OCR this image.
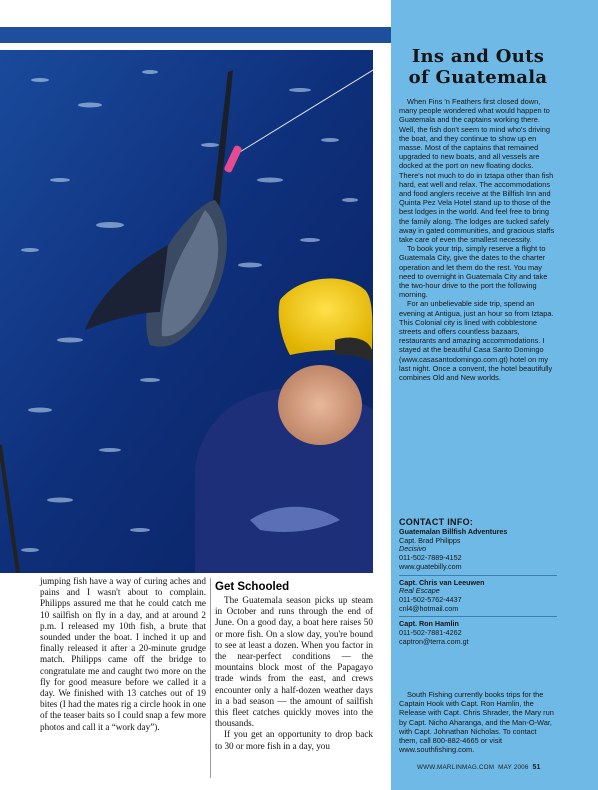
Ins and Outs
of Guatemala

When Fins 'n Feathers first closed down, many people wondered what would happen to Guatemala and the captains working there. Well, the fish don't seem to mind who's driving the boat, and they continue to show up en masse. Most of the captains that remained upgraded to new boats, and all vessels are docked at the port on new floating docks. There's not much to do in Iztapa other than fish hard, eat well and relax. The accommodations and food anglers receive at the Billfish Inn and Quinta Pez Vela Hotel stand up to those of the best lodges in the world. And feel free to bring the family along. The lodges are tucked safely away in gated communities, and gracious staffs take care of even the smallest necessity.

To book your trip, simply reserve a flight to Guatemala City, give the dates to the charter operation and let them do the rest. You may need to overnight in Guatemala City and take the two-hour drive to the port the following morning.

For an unbelievable side trip, spend an evening at Antigua, just an hour so from Iztapa. This Colonial city is lined with cobblestone streets and offers countless bazaars, restaurants and amazing accommodations. I stayed at the beautiful Casa Santo Domingo (www.casasantodomingo.com.gt) hotel on my last night. Once a convent, the hotel beautifully combines Old and New worlds.

CONTACT INFO:
Guatemalan Billfish Adventures
Capt. Brad Philipps
Decisivo
011-502-7889-4152
www.guatebilly.com
Capt. Chris van Leeuwen
Real Escape
011-502-5762-4437
cnl4@hotmail.com
Capt. Ron Hamlin
011-502-7881-4262
captron@terra.com.gt

South Fishing currently books trips for the Captain Hook with Capt. Ron Hamlin, the Release with Capt. Chris Shrader, the Mary run by Capt. Nicho Aharanga, and the Man-O-War, with Capt. Johnathan Nicholas. To contact them, call 800-882-4665 or visit www.southfishing.com.

WWW.MARLINMAG.COM MAY 2006 51

jumping fish have a way of curing aches and pains and I wasn't about to complain. Philipps assured me that he could catch me 10 sailfish on fly in a day, and at around 2 p.m. I released my 10th fish, a brute that sounded under the boat. I inched it up and finally released it after a 20-minute grudge match. Philipps came off the bridge to congratulate me and caught two more on the fly for good measure before we called it a day. We finished with 13 catches out of 19 bites (I had the mates rig a circle hook in one of the teaser baits so I could snap a few more photos and call it a “work day”).

Get Schooled

The Guatemala season picks up steam in October and runs through the end of June. On a good day, a boat here raises 50 or more fish. On a slow day, you're bound to see at least a dozen. When you factor in the near-perfect conditions — the mountains block most of the Papagayo trade winds from the east, and crews encounter only a half-dozen weather days in a bad season — the amount of sailfish this fleet catches quickly moves into the thousands.

If you get an opportunity to drop back to 30 or more fish in a day, you
